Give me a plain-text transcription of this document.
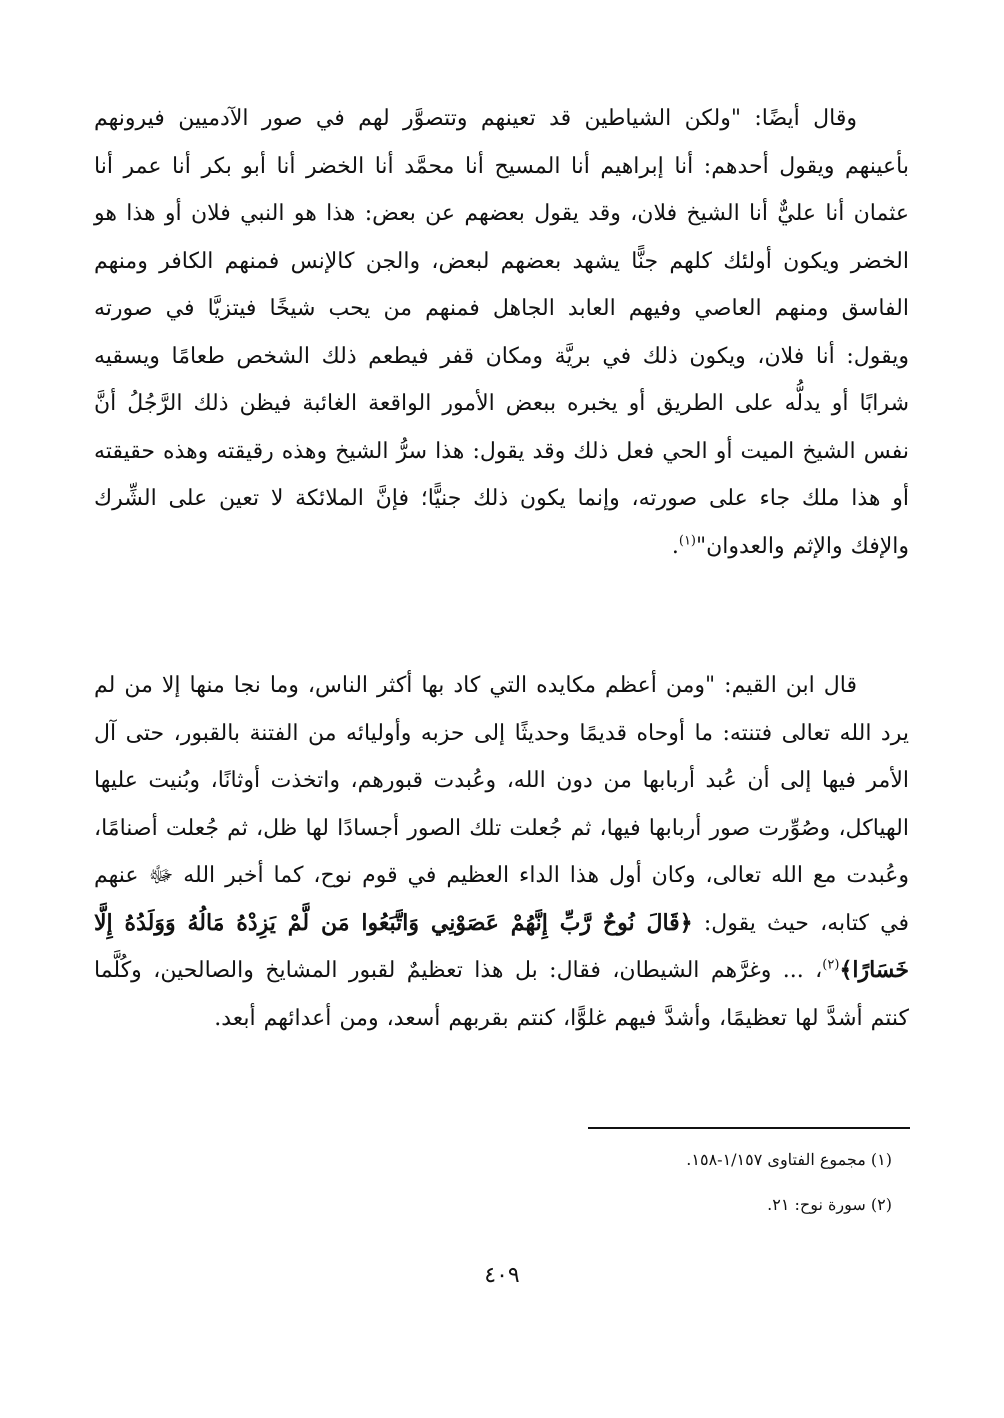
وقال أيضًا: "ولكن الشياطين قد تعينهم وتتصوَّر لهم في صور الآدميين فيرونهم بأعينهم ويقول أحدهم: أنا إبراهيم أنا المسيح أنا محمَّد أنا الخضر أنا أبو بكر أنا عمر أنا عثمان أنا عليٌّ أنا الشيخ فلان، وقد يقول بعضهم عن بعض: هذا هو النبي فلان أو هذا هو الخضر ويكون أولئك كلهم جنًّا يشهد بعضهم لبعض، والجن كالإنس فمنهم الكافر ومنهم الفاسق ومنهم العاصي وفيهم العابد الجاهل فمنهم من يحب شيخًا فيتزيَّا في صورته ويقول: أنا فلان، ويكون ذلك في بريَّة ومكان قفر فيطعم ذلك الشخص طعامًا ويسقيه شرابًا أو يدلُّه على الطريق أو يخبره ببعض الأمور الواقعة الغائبة فيظن ذلك الرَّجُلُ أنَّ نفس الشيخ الميت أو الحي فعل ذلك وقد يقول: هذا سرُّ الشيخ وهذه رقيقته وهذه حقيقته أو هذا ملك جاء على صورته، وإنما يكون ذلك جنيًّا؛ فإنَّ الملائكة لا تعين على الشِّرك والإفك والإثم والعدوان"$^{(١)}$.

قال ابن القيم: "ومن أعظم مكايده التي كاد بها أكثر الناس، وما نجا منها إلا من لم يرد الله تعالى فتنته: ما أوحاه قديمًا وحديثًا إلى حزبه وأوليائه من الفتنة بالقبور، حتى آل الأمر فيها إلى أن عُبد أربابها من دون الله، وعُبدت قبورهم، واتخذت أوثانًا، وبُنيت عليها الهياكل، وصُوِّرت صور أربابها فيها، ثم جُعلت تلك الصور أجسادًا لها ظل، ثم جُعلت أصنامًا، وعُبدت مع الله تعالى، وكان أول هذا الداء العظيم في قوم نوح، كما أخبر الله ﷻ عنهم في كتابه، حيث يقول: ﴿قَالَ نُوحٌ رَّبِّ إِنَّهُمْ عَصَوْنِي وَاتَّبَعُوا مَن لَّمْ يَزِدْهُ مَالُهُ وَوَلَدُهُ إِلَّا خَسَارًا﴾$^{(٢)}$، ... وغرَّهم الشيطان، فقال: بل هذا تعظيمٌ لقبور المشايخ والصالحين، وكُلَّما كنتم أشدَّ لها تعظيمًا، وأشدَّ فيهم غلوًّا، كنتم بقربهم أسعد، ومن أعدائهم أبعد.

(١) مجموع الفتاوى ١/١٥٧-١٥٨.
(٢) سورة نوح: ٢١.
٤٠٩
